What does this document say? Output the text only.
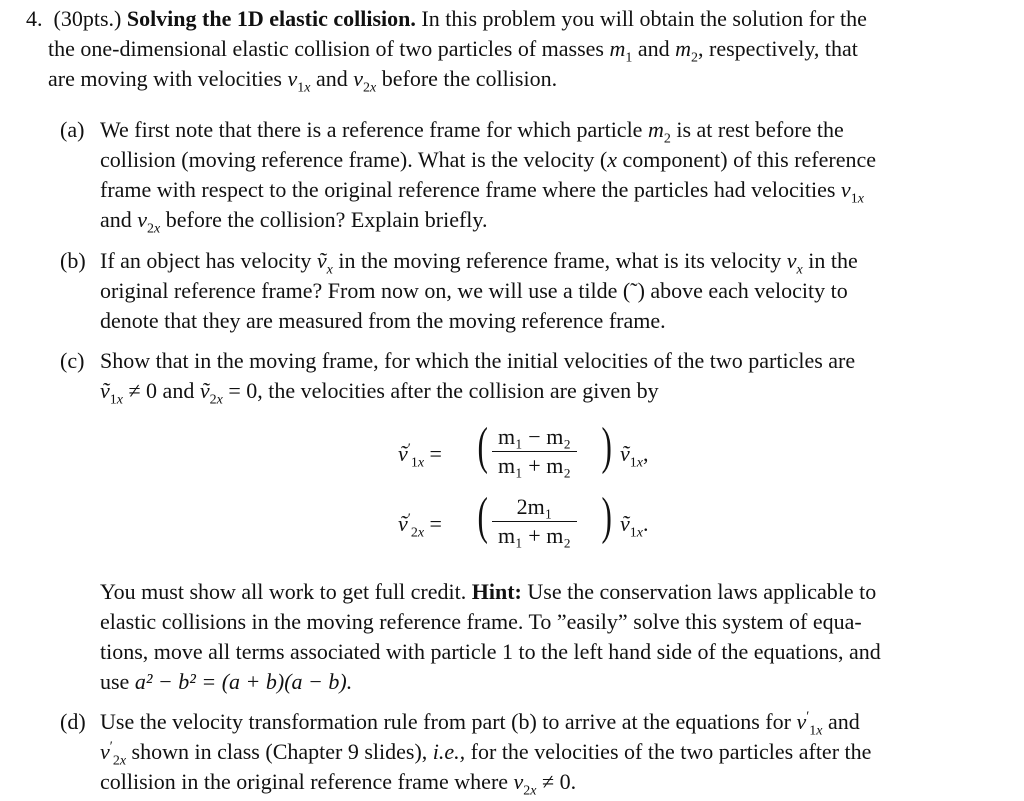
4. (30pts.) Solving the 1D elastic collision. In this problem you will obtain the solution for the
the one-dimensional elastic collision of two particles of masses $m_1$ and $m_2$, respectively, that
are moving with velocities $v_{1x}$ and $v_{2x}$ before the collision.
(a) We first note that there is a reference frame for which particle $m_2$ is at rest before the
collision (moving reference frame). What is the velocity (x component) of this reference
frame with respect to the original reference frame where the particles had velocities $v_{1x}$
and $v_{2x}$ before the collision? Explain briefly.
(b) If an object has velocity ṽ$_x$ in the moving reference frame, what is its velocity $v_x$ in the
original reference frame? From now on, we will use a tilde (˜) above each velocity to
denote that they are measured from the moving reference frame.
(c) Show that in the moving frame, for which the initial velocities of the two particles are
ṽ$_{1x}$ ≠ 0 and ṽ$_{2x}$ = 0, the velocities after the collision are given by
ṽ′$_{1x}$ = ( $\frac{\text{m₁ − m₂}}{\text{m₁ + m₂}}$ ) ṽ$_{1x}$,
ṽ′$_{2x}$ = ( $\frac{\text{2m₁}}{\text{m₁ + m₂}}$ ) ṽ$_{1x}$.
You must show all work to get full credit. Hint: Use the conservation laws applicable to
elastic collisions in the moving reference frame. To ”easily” solve this system of equa-
tions, move all terms associated with particle 1 to the left hand side of the equations, and
use a² − b² = (a + b)(a − b).
(d) Use the velocity transformation rule from part (b) to arrive at the equations for $v'_{1x}$ and
$v'_{2x}$ shown in class (Chapter 9 slides), i.e., for the velocities of the two particles after the
collision in the original reference frame where $v_{2x} \ne 0$.
